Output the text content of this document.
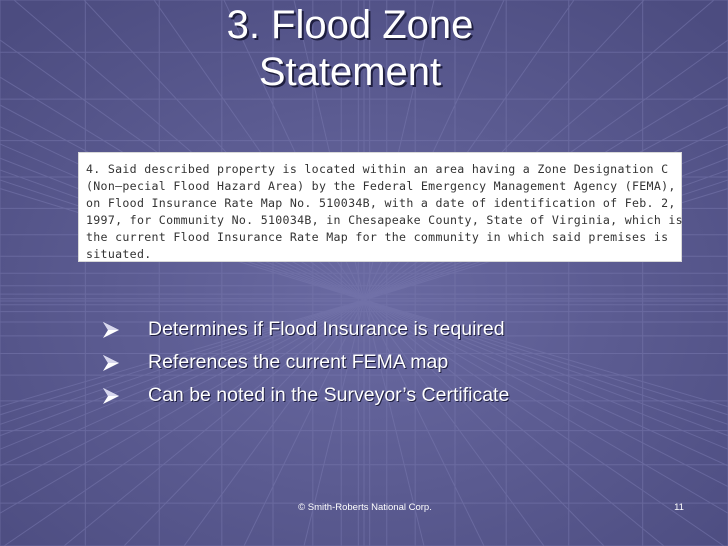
3. Flood Zone
Statement

4. Said described property is located within an area having a Zone Designation C

(Non—pecial Flood Hazard Area) by the Federal Emergency Management Agency (FEMA),

on Flood Insurance Rate Map No. 510034B, with a date of identification of Feb. 2,

1997, for Community No. 510034B, in Chesapeake County, State of Virginia, which is

the current Flood Insurance Rate Map for the community in which said premises is

situated.

Determines if Flood Insurance is required
References the current FEMA map
Can be noted in the Surveyor’s Certificate
© Smith-Roberts National Corp.	11
